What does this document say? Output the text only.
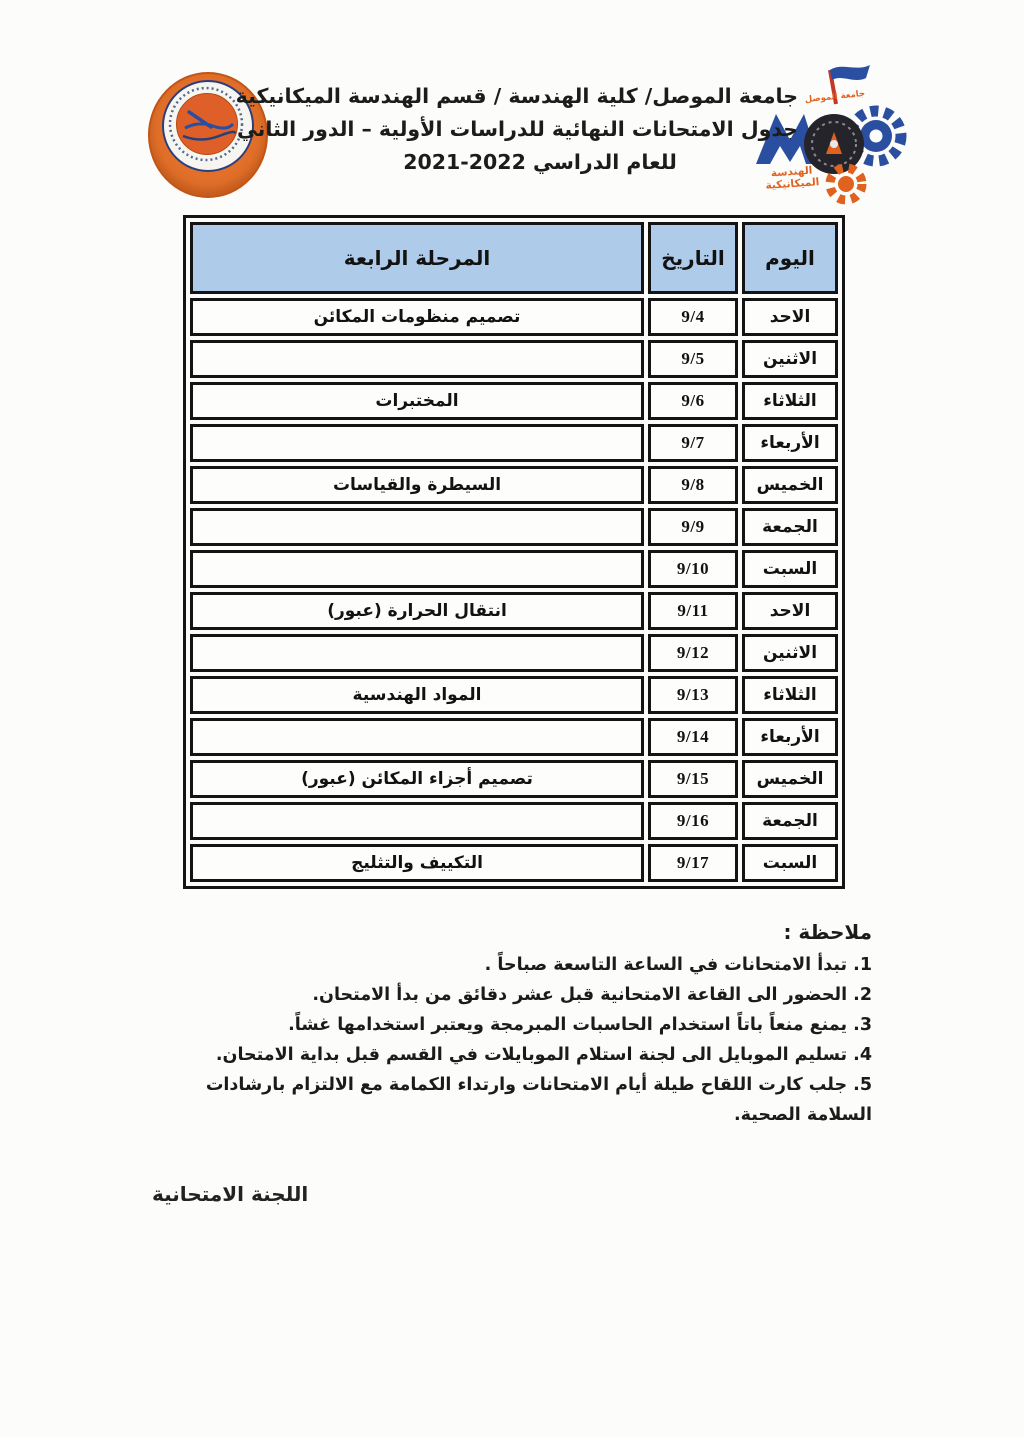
جامعة الموصل
الهندسة الميكانيكية
جامعة الموصل/ كلية الهندسة / قسم الهندسة الميكانيكية
جدول الامتحانات النهائية للدراسات الأولية – الدور الثاني
للعام الدراسي 2022-2021
اليوم	التاريخ	المرحلة الرابعة
الاحد	9/4	تصميم منظومات المكائن
الاثنين	9/5	
الثلاثاء	9/6	المختبرات
الأربعاء	9/7	
الخميس	9/8	السيطرة والقياسات
الجمعة	9/9	
السبت	9/10	
الاحد	9/11	انتقال الحرارة (عبور)
الاثنين	9/12	
الثلاثاء	9/13	المواد الهندسية
الأربعاء	9/14	
الخميس	9/15	تصميم أجزاء المكائن (عبور)
الجمعة	9/16	
السبت	9/17	التكييف والتثليج
ملاحظة :
1. تبدأ الامتحانات في الساعة التاسعة صباحاً .
2. الحضور الى القاعة الامتحانية قبل عشر دقائق من بدأ الامتحان.
3. يمنع منعاً باتاً استخدام الحاسبات المبرمجة ويعتبر استخدامها غشاً.
4. تسليم الموبايل الى لجنة استلام الموبايلات في القسم قبل بداية الامتحان.
5. جلب كارت اللقاح طيلة أيام الامتحانات وارتداء الكمامة مع الالتزام بارشادات السلامة الصحية.
اللجنة الامتحانية
